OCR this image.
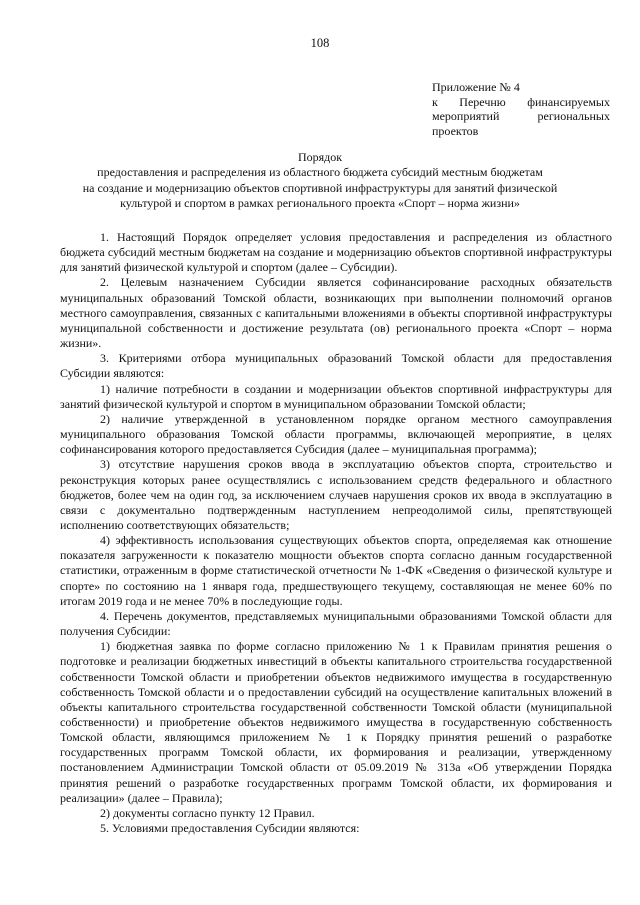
108
Приложение № 4
к Перечню финансируемых
мероприятий региональных
проектов
Порядок
предоставления и распределения из областного бюджета субсидий местным бюджетам
на создание и модернизацию объектов спортивной инфраструктуры для занятий физической
культурой и спортом в рамках регионального проекта «Спорт – норма жизни»

1. Настоящий Порядок определяет условия предоставления и распределения из областного бюджета субсидий местным бюджетам на создание и модернизацию объектов спортивной инфраструктуры для занятий физической культурой и спортом (далее – Субсидии).

2. Целевым назначением Субсидии является софинансирование расходных обязательств муниципальных образований Томской области, возникающих при выполнении полномочий органов местного самоуправления, связанных с капитальными вложениями в объекты спортивной инфраструктуры муниципальной собственности и достижение результата (ов) регионального проекта «Спорт – норма жизни».

3. Критериями отбора муниципальных образований Томской области для предоставления Субсидии являются:

1) наличие потребности в создании и модернизации объектов спортивной инфраструктуры для занятий физической культурой и спортом в муниципальном образовании Томской области;

2) наличие утвержденной в установленном порядке органом местного самоуправления муниципального образования Томской области программы, включающей мероприятие, в целях софинансирования которого предоставляется Субсидия (далее – муниципальная программа);

3) отсутствие нарушения сроков ввода в эксплуатацию объектов спорта, строительство и реконструкция которых ранее осуществлялись с использованием средств федерального и областного бюджетов, более чем на один год, за исключением случаев нарушения сроков их ввода в эксплуатацию в связи с документально подтвержденным наступлением непреодолимой силы, препятствующей исполнению соответствующих обязательств;

4) эффективность использования существующих объектов спорта, определяемая как отношение показателя загруженности к показателю мощности объектов спорта согласно данным государственной статистики, отраженным в форме статистической отчетности № 1-ФК «Сведения о физической культуре и спорте» по состоянию на 1 января года, предшествующего текущему, составляющая не менее 60% по итогам 2019 года и не менее 70% в последующие годы.

4. Перечень документов, представляемых муниципальными образованиями Томской области для получения Субсидии:

1) бюджетная заявка по форме согласно приложению № 1 к Правилам принятия решения о подготовке и реализации бюджетных инвестиций в объекты капитального строительства государственной собственности Томской области и приобретении объектов недвижимого имущества в государственную собственность Томской области и о предоставлении субсидий на осуществление капитальных вложений в объекты капитального строительства государственной собственности Томской области (муниципальной собственности) и приобретение объектов недвижимого имущества в государственную собственность Томской области, являющимся приложением № 1 к Порядку принятия решений о разработке государственных программ Томской области, их формирования и реализации, утвержденному постановлением Администрации Томской области от 05.09.2019 № 313а «Об утверждении Порядка принятия решений о разработке государственных программ Томской области, их формирования и реализации» (далее – Правила);

2) документы согласно пункту 12 Правил.

5. Условиями предоставления Субсидии являются:
